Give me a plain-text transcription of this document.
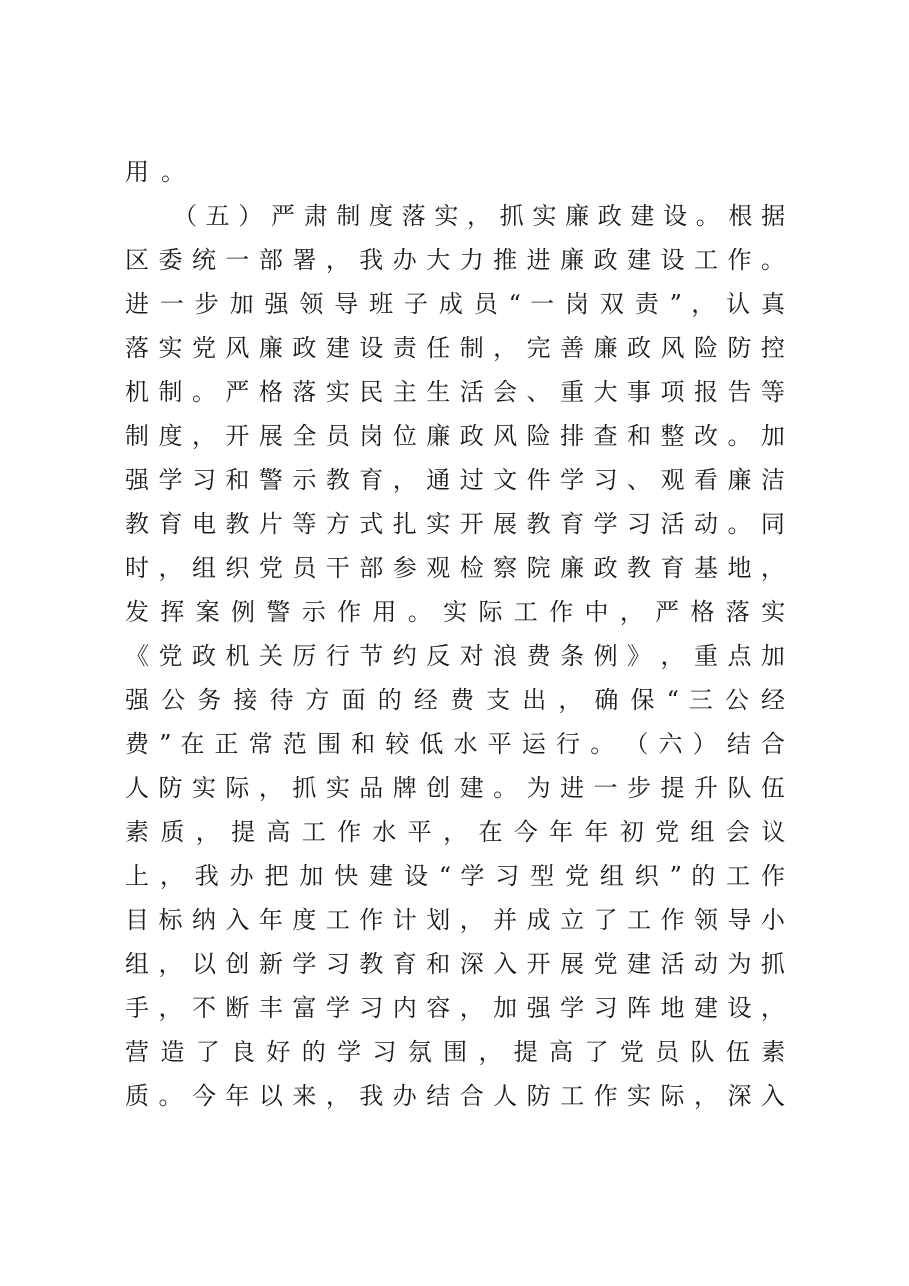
用。
（ 五 ） 严 肃 制 度 落 实 ， 抓 实 廉 政 建 设 。 根 据
区 委 统 一 部 署 ， 我 办 大 力 推 进 廉 政 建 设 工 作 。
进 一 步 加 强 领 导 班 子 成 员 “ 一 岗 双 责 ” ， 认 真
落 实 党 风 廉 政 建 设 责 任 制 ， 完 善 廉 政 风 险 防 控
机 制 。 严 格 落 实 民 主 生 活 会 、 重 大 事 项 报 告 等
制 度 ， 开 展 全 员 岗 位 廉 政 风 险 排 查 和 整 改 。 加
强 学 习 和 警 示 教 育 ， 通 过 文 件 学 习 、 观 看 廉 洁
教 育 电 教 片 等 方 式 扎 实 开 展 教 育 学 习 活 动 。 同
时 ， 组 织 党 员 干 部 参 观 检 察 院 廉 政 教 育 基 地 ，
发 挥 案 例 警 示 作 用 。 实 际 工 作 中 ， 严 格 落 实
《 党 政 机 关 厉 行 节 约 反 对 浪 费 条 例 》 ， 重 点 加
强 公 务 接 待 方 面 的 经 费 支 出 ， 确 保 “ 三 公 经
费 ” 在 正 常 范 围 和 较 低 水 平 运 行 。 （ 六 ） 结 合
人 防 实 际 ， 抓 实 品 牌 创 建 。 为 进 一 步 提 升 队 伍
素 质 ， 提 高 工 作 水 平 ， 在 今 年 年 初 党 组 会 议
上 ， 我 办 把 加 快 建 设 “ 学 习 型 党 组 织 ” 的 工 作
目 标 纳 入 年 度 工 作 计 划 ， 并 成 立 了 工 作 领 导 小
组 ， 以 创 新 学 习 教 育 和 深 入 开 展 党 建 活 动 为 抓
手 ， 不 断 丰 富 学 习 内 容 ， 加 强 学 习 阵 地 建 设 ，
营 造 了 良 好 的 学 习 氛 围 ， 提 高 了 党 员 队 伍 素
质 。 今 年 以 来 ， 我 办 结 合 人 防 工 作 实 际 ， 深 入
